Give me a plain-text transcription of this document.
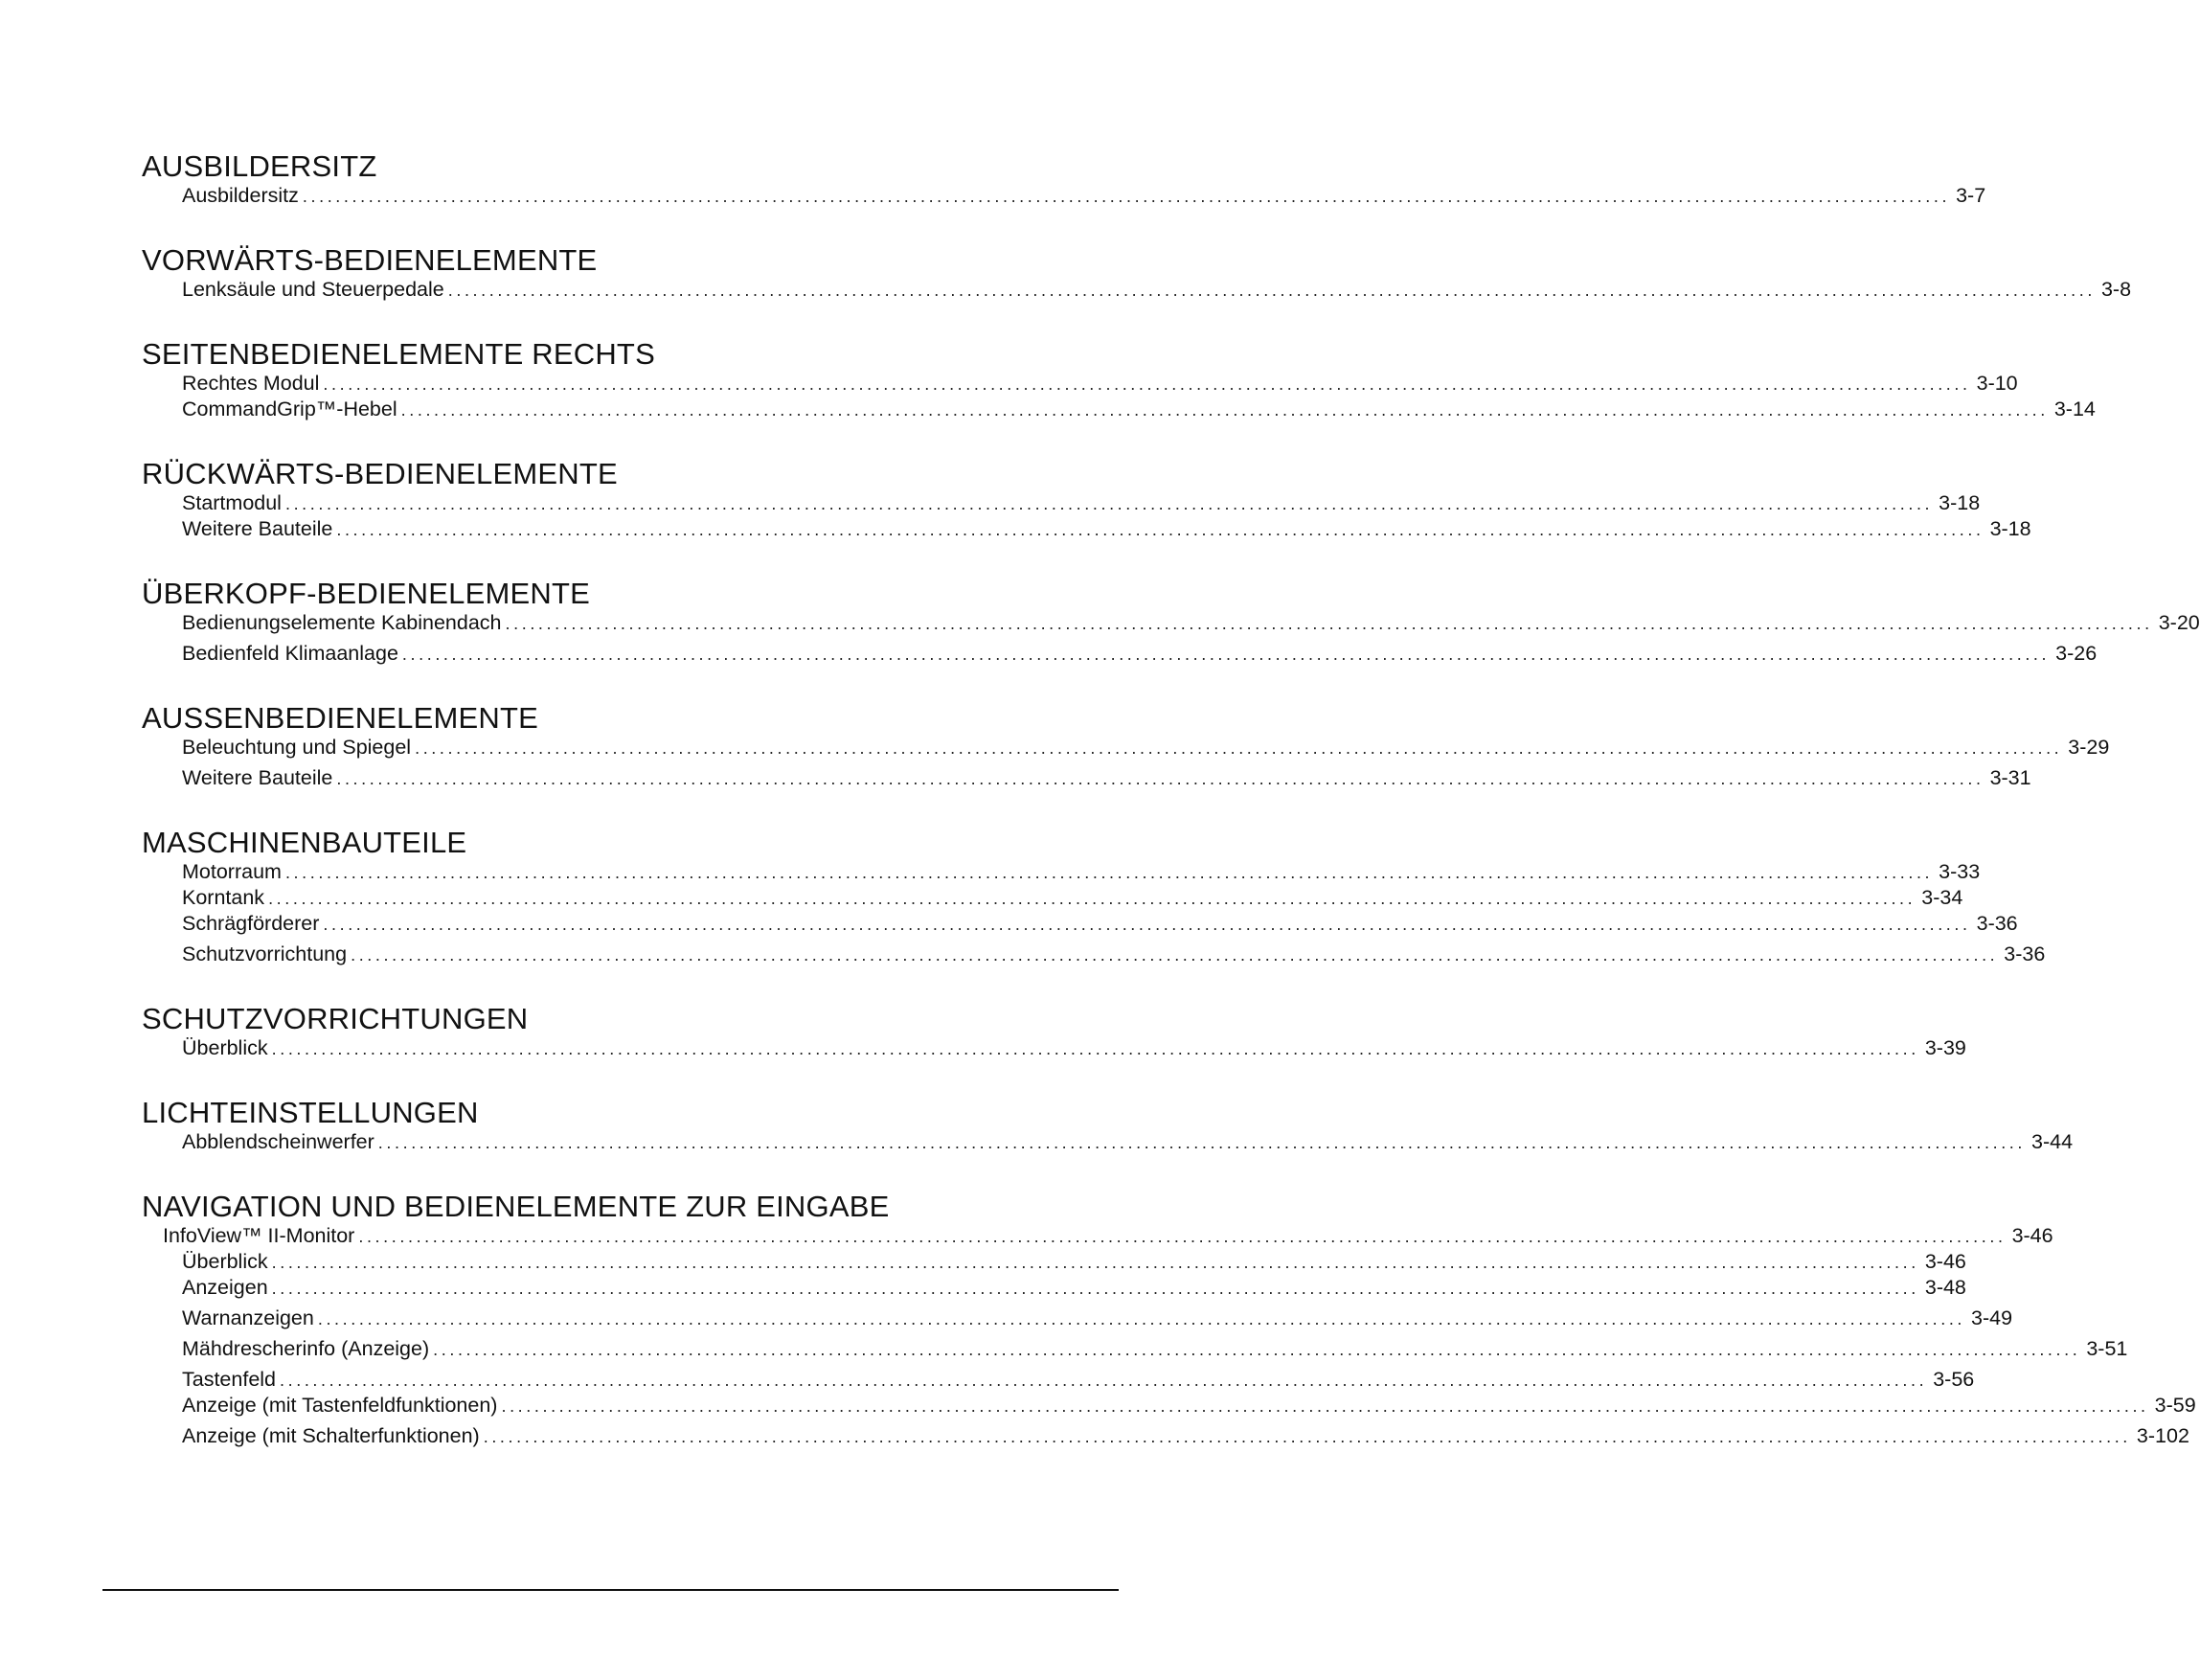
AUSBILDERSITZ
Ausbildersitz ........................................................................................................................................................................................................ 3-7
VORWÄRTS-BEDIENELEMENTE
Lenksäule und Steuerpedale ........................................................................................................................................................................................................ 3-8
SEITENBEDIENELEMENTE RECHTS
Rechtes Modul ........................................................................................................................................................................................................ 3-10
CommandGrip™-Hebel ........................................................................................................................................................................................................ 3-14
RÜCKWÄRTS-BEDIENELEMENTE
Startmodul ........................................................................................................................................................................................................ 3-18
Weitere Bauteile ........................................................................................................................................................................................................ 3-18
ÜBERKOPF-BEDIENELEMENTE
Bedienungselemente Kabinendach ........................................................................................................................................................................................................ 3-20
Bedienfeld Klimaanlage ........................................................................................................................................................................................................ 3-26
AUSSENBEDIENELEMENTE
Beleuchtung und Spiegel ........................................................................................................................................................................................................ 3-29
Weitere Bauteile ........................................................................................................................................................................................................ 3-31
MASCHINENBAUTEILE
Motorraum ........................................................................................................................................................................................................ 3-33
Korntank ........................................................................................................................................................................................................ 3-34
Schrägförderer ........................................................................................................................................................................................................ 3-36
Schutzvorrichtung ........................................................................................................................................................................................................ 3-36
SCHUTZVORRICHTUNGEN
Überblick ........................................................................................................................................................................................................ 3-39
LICHTEINSTELLUNGEN
Abblendscheinwerfer ........................................................................................................................................................................................................ 3-44
NAVIGATION UND BEDIENELEMENTE ZUR EINGABE
InfoView™ II-Monitor ........................................................................................................................................................................................................ 3-46
Überblick ........................................................................................................................................................................................................ 3-46
Anzeigen ........................................................................................................................................................................................................ 3-48
Warnanzeigen ........................................................................................................................................................................................................ 3-49
Mähdrescherinfo (Anzeige) ........................................................................................................................................................................................................ 3-51
Tastenfeld ........................................................................................................................................................................................................ 3-56
Anzeige (mit Tastenfeldfunktionen) ........................................................................................................................................................................................................ 3-59
Anzeige (mit Schalterfunktionen) ........................................................................................................................................................................................................ 3-102
